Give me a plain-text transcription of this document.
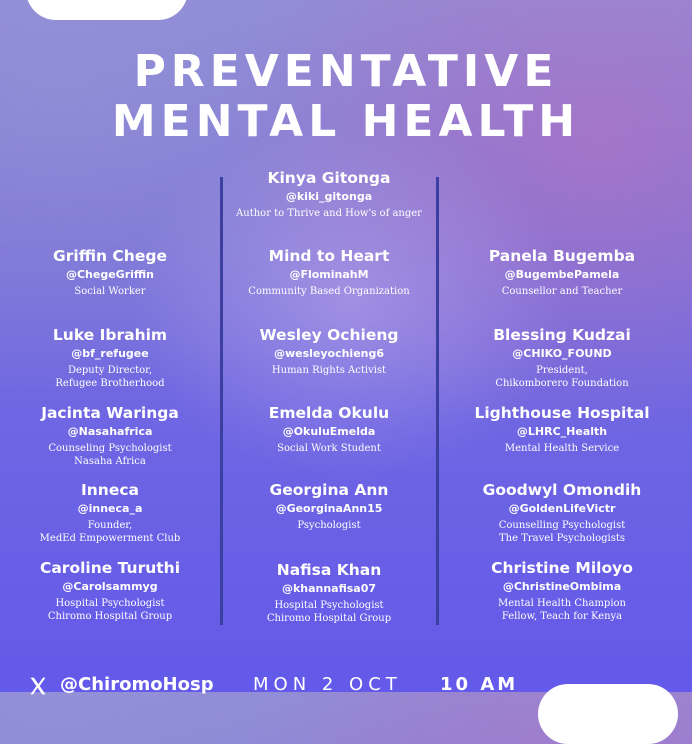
PREVENTATIVE
MENTAL HEALTH
Griffin Chege
@ChegeGriffin
Social Worker
Luke Ibrahim
@bf_refugee
Deputy Director,
Refugee Brotherhood
Jacinta Waringa
@Nasahafrica
Counseling Psychologist
Nasaha Africa
Inneca
@inneca_a
Founder,
MedEd Empowerment Club
Caroline Turuthi
@Carolsammyg
Hospital Psychologist
Chiromo Hospital Group
Kinya Gitonga
@kiki_gitonga
Author to Thrive and How's of anger
Mind to Heart
@FlominahM
Community Based Organization
Wesley Ochieng
@wesleyochieng6
Human Rights Activist
Emelda Okulu
@OkuluEmelda
Social Work Student
Georgina Ann
@GeorginaAnn15
Psychologist
Nafisa Khan
@khannafisa07
Hospital Psychologist
Chiromo Hospital Group
Panela Bugemba
@BugembePamela
Counsellor and Teacher
Blessing Kudzai
@CHIKO_FOUND
President,
Chikomborero Foundation
Lighthouse Hospital
@LHRC_Health
Mental Health Service
Goodwyl Omondih
@GoldenLifeVictr
Counselling Psychologist
The Travel Psychologists
Christine Miloyo
@ChristineOmbima
Mental Health Champion
Fellow, Teach for Kenya
@ChiromoHosp MON 2 OCT 10 AM
